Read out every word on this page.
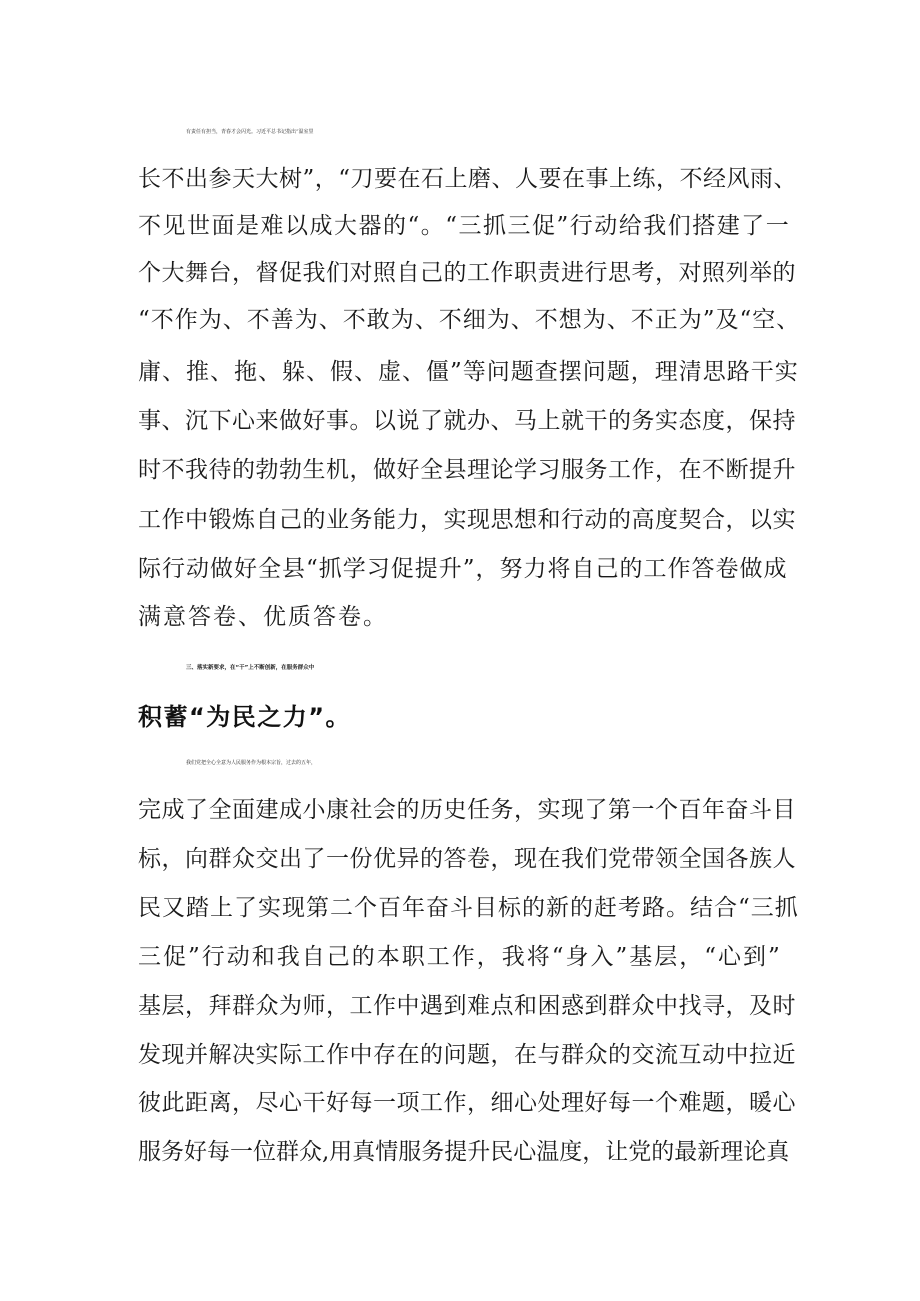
有责任有担当，青春才会闪光。习近平总书记指出“温室里
长不出参天大树”，“刀要在石上磨、人要在事上练，不经风雨、
不见世面是难以成大器的“。“三抓三促”行动给我们搭建了一
个大舞台，督促我们对照自己的工作职责进行思考，对照列举的
“不作为、不善为、不敢为、不细为、不想为、不正为”及“空、
庸、推、拖、躲、假、虚、僵”等问题查摆问题，理清思路干实
事、沉下心来做好事。以说了就办、马上就干的务实态度，保持
时不我待的勃勃生机，做好全县理论学习服务工作，在不断提升
工作中锻炼自己的业务能力，实现思想和行动的高度契合，以实
际行动做好全县“抓学习促提升”，努力将自己的工作答卷做成
满意答卷、优质答卷。
三、落实新要求，在“干”上不断创新，在服务群众中
积蓄“为民之力”。
我们党把全心全意为人民服务作为根本宗旨，过去的五年，
完成了全面建成小康社会的历史任务，实现了第一个百年奋斗目
标，向群众交出了一份优异的答卷，现在我们党带领全国各族人
民又踏上了实现第二个百年奋斗目标的新的赶考路。结合“三抓
三促”行动和我自己的本职工作，我将“身入”基层，“心到”
基层，拜群众为师，工作中遇到难点和困惑到群众中找寻，及时
发现并解决实际工作中存在的问题，在与群众的交流互动中拉近
彼此距离，尽心干好每一项工作，细心处理好每一个难题，暖心
服务好每一位群众,用真情服务提升民心温度，让党的最新理论真
